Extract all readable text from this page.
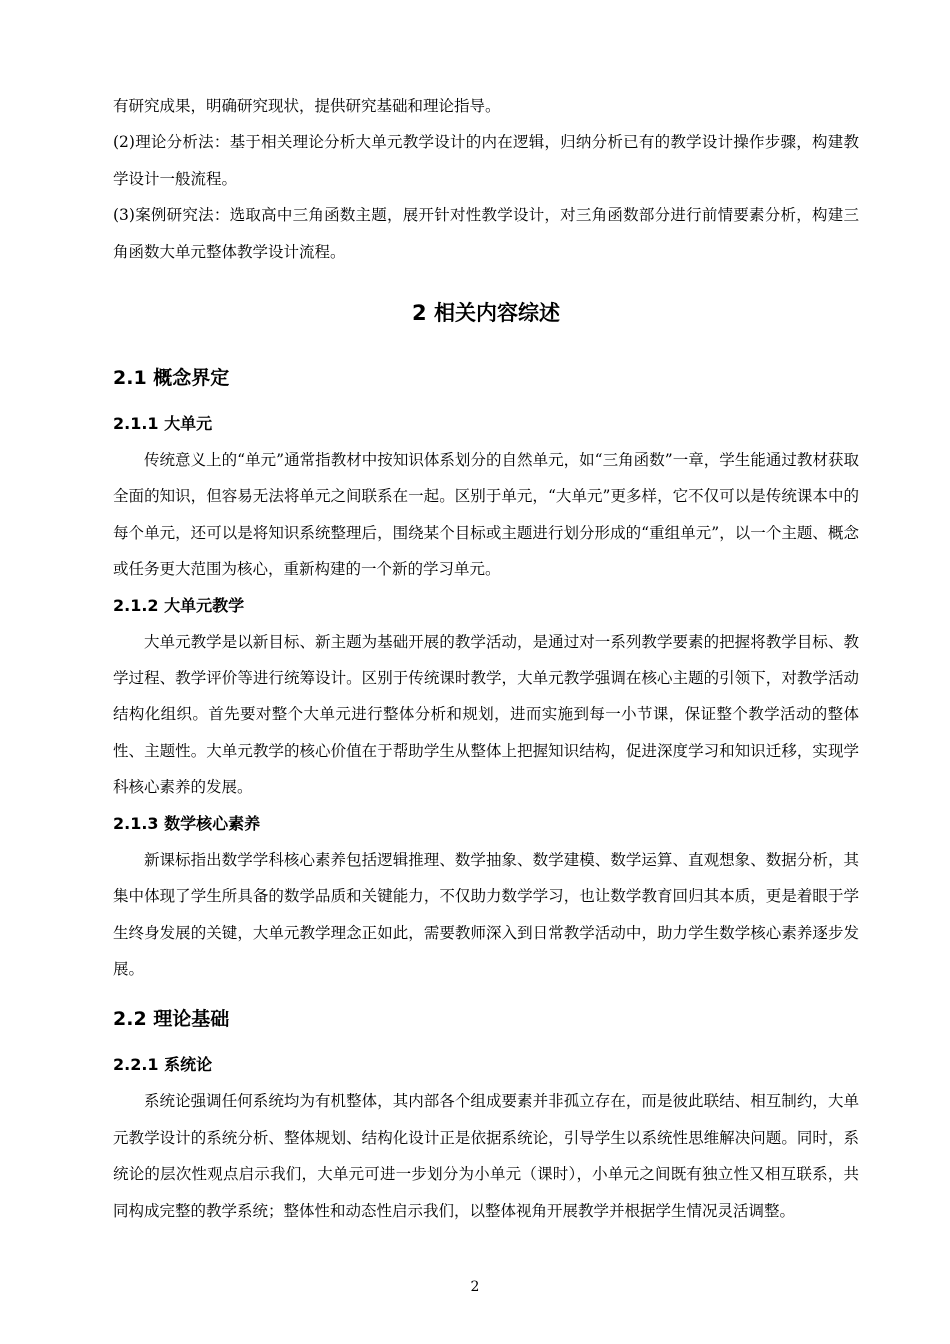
有研究成果，明确研究现状，提供研究基础和理论指导。

(2)理论分析法：基于相关理论分析大单元教学设计的内在逻辑，归纳分析已有的教学设计操作步骤，构建教学设计一般流程。

(3)案例研究法：选取高中三角函数主题，展开针对性教学设计，对三角函数部分进行前情要素分析，构建三角函数大单元整体教学设计流程。

2 相关内容综述
2.1 概念界定
2.1.1 大单元

传统意义上的“单元”通常指教材中按知识体系划分的自然单元，如“三角函数”一章，学生能通过教材获取全面的知识，但容易无法将单元之间联系在一起。区别于单元，“大单元”更多样，它不仅可以是传统课本中的每个单元，还可以是将知识系统整理后，围绕某个目标或主题进行划分形成的“重组单元”，以一个主题、概念或任务更大范围为核心，重新构建的一个新的学习单元。

2.1.2 大单元教学

大单元教学是以新目标、新主题为基础开展的教学活动，是通过对一系列教学要素的把握将教学目标、教学过程、教学评价等进行统筹设计。区别于传统课时教学，大单元教学强调在核心主题的引领下，对教学活动结构化组织。首先要对整个大单元进行整体分析和规划，进而实施到每一小节课，保证整个教学活动的整体性、主题性。大单元教学的核心价值在于帮助学生从整体上把握知识结构，促进深度学习和知识迁移，实现学科核心素养的发展。

2.1.3 数学核心素养

新课标指出数学学科核心素养包括逻辑推理、数学抽象、数学建模、数学运算、直观想象、数据分析，其集中体现了学生所具备的数学品质和关键能力，不仅助力数学学习，也让数学教育回归其本质，更是着眼于学生终身发展的关键，大单元教学理念正如此，需要教师深入到日常教学活动中，助力学生数学核心素养逐步发展。

2.2 理论基础
2.2.1 系统论

系统论强调任何系统均为有机整体，其内部各个组成要素并非孤立存在，而是彼此联结、相互制约，大单元教学设计的系统分析、整体规划、结构化设计正是依据系统论，引导学生以系统性思维解决问题。同时，系统论的层次性观点启示我们，大单元可进一步划分为小单元（课时），小单元之间既有独立性又相互联系，共同构成完整的教学系统；整体性和动态性启示我们，以整体视角开展教学并根据学生情况灵活调整。

2
